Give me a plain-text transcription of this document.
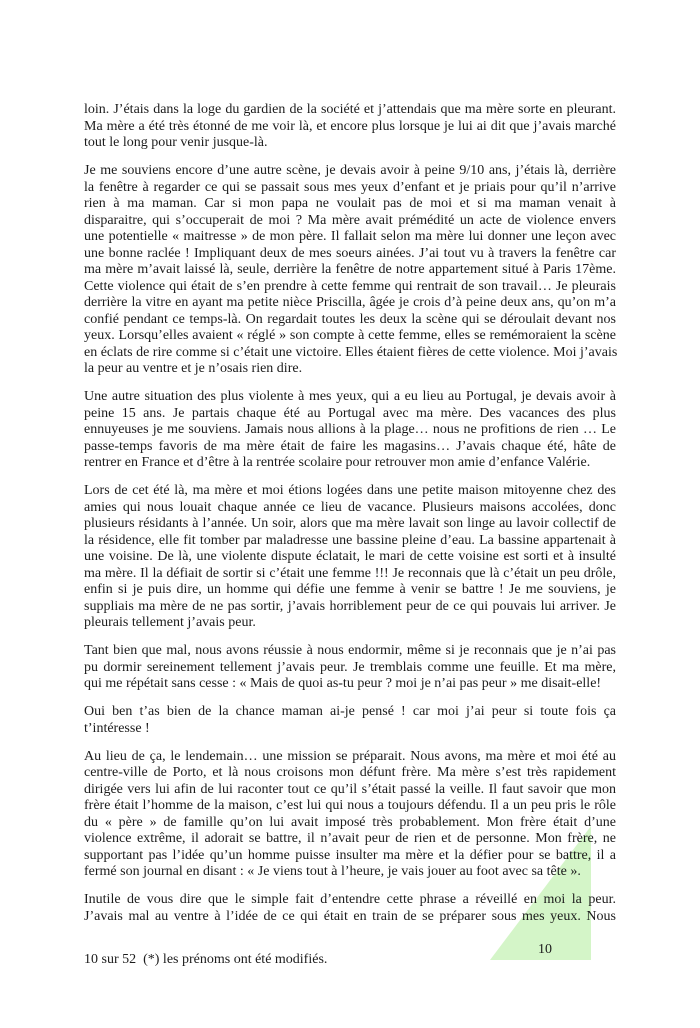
loin. J’étais dans la loge du gardien de la société et j’attendais que ma mère sorte en pleurant.
Ma mère a été très étonné de me voir là, et encore plus lorsque je lui ai dit que j’avais marché
tout le long pour venir jusque-là.
Je me souviens encore d’une autre scène, je devais avoir à peine 9/10 ans, j’étais là, derrière
la fenêtre à regarder ce qui se passait sous mes yeux d’enfant et je priais pour qu’il n’arrive
rien à ma maman. Car si mon papa ne voulait pas de moi et si ma maman venait à
disparaitre, qui s’occuperait de moi ? Ma mère avait prémédité un acte de violence envers
une potentielle « maitresse » de mon père. Il fallait selon ma mère lui donner une leçon avec
une bonne raclée ! Impliquant deux de mes soeurs ainées. J’ai tout vu à travers la fenêtre car
ma mère m’avait laissé là, seule, derrière la fenêtre de notre appartement situé à Paris 17ème.
Cette violence qui était de s’en prendre à cette femme qui rentrait de son travail… Je pleurais
derrière la vitre en ayant ma petite nièce Priscilla, âgée je crois d’à peine deux ans, qu’on m’a
confié pendant ce temps-là. On regardait toutes les deux la scène qui se déroulait devant nos
yeux. Lorsqu’elles avaient « réglé » son compte à cette femme, elles se remémoraient la scène
en éclats de rire comme si c’était une victoire. Elles étaient fières de cette violence. Moi j’avais
la peur au ventre et je n’osais rien dire.
Une autre situation des plus violente à mes yeux, qui a eu lieu au Portugal, je devais avoir à
peine 15 ans. Je partais chaque été au Portugal avec ma mère. Des vacances des plus
ennuyeuses je me souviens. Jamais nous allions à la plage… nous ne profitions de rien … Le
passe-temps favoris de ma mère était de faire les magasins… J’avais chaque été, hâte de
rentrer en France et d’être à la rentrée scolaire pour retrouver mon amie d’enfance Valérie.
Lors de cet été là, ma mère et moi étions logées dans une petite maison mitoyenne chez des
amies qui nous louait chaque année ce lieu de vacance. Plusieurs maisons accolées, donc
plusieurs résidants à l’année. Un soir, alors que ma mère lavait son linge au lavoir collectif de
la résidence, elle fit tomber par maladresse une bassine pleine d’eau. La bassine appartenait à
une voisine. De là, une violente dispute éclatait, le mari de cette voisine est sorti et à insulté
ma mère. Il la défiait de sortir si c’était une femme !!! Je reconnais que là c’était un peu drôle,
enfin si je puis dire, un homme qui défie une femme à venir se battre ! Je me souviens, je
suppliais ma mère de ne pas sortir, j’avais horriblement peur de ce qui pouvais lui arriver. Je
pleurais tellement j’avais peur.
Tant bien que mal, nous avons réussie à nous endormir, même si je reconnais que je n’ai pas
pu dormir sereinement tellement j’avais peur. Je tremblais comme une feuille. Et ma mère,
qui me répétait sans cesse : « Mais de quoi as-tu peur ? moi je n’ai pas peur » me disait-elle!
Oui ben t’as bien de la chance maman ai-je pensé ! car moi j’ai peur si toute fois ça
t’intéresse !
Au lieu de ça, le lendemain… une mission se préparait. Nous avons, ma mère et moi été au
centre-ville de Porto, et là nous croisons mon défunt frère. Ma mère s’est très rapidement
dirigée vers lui afin de lui raconter tout ce qu’il s’était passé la veille. Il faut savoir que mon
frère était l’homme de la maison, c’est lui qui nous a toujours défendu. Il a un peu pris le rôle
du « père » de famille qu’on lui avait imposé très probablement. Mon frère était d’une
violence extrême, il adorait se battre, il n’avait peur de rien et de personne. Mon frère, ne
supportant pas l’idée qu’un homme puisse insulter ma mère et la défier pour se battre, il a
fermé son journal en disant : « Je viens tout à l’heure, je vais jouer au foot avec sa tête ».
Inutile de vous dire que le simple fait d’entendre cette phrase a réveillé en moi la peur.
J’avais mal au ventre à l’idée de ce qui était en train de se préparer sous mes yeux. Nous
10
10 sur 52  (*) les prénoms ont été modifiés.
